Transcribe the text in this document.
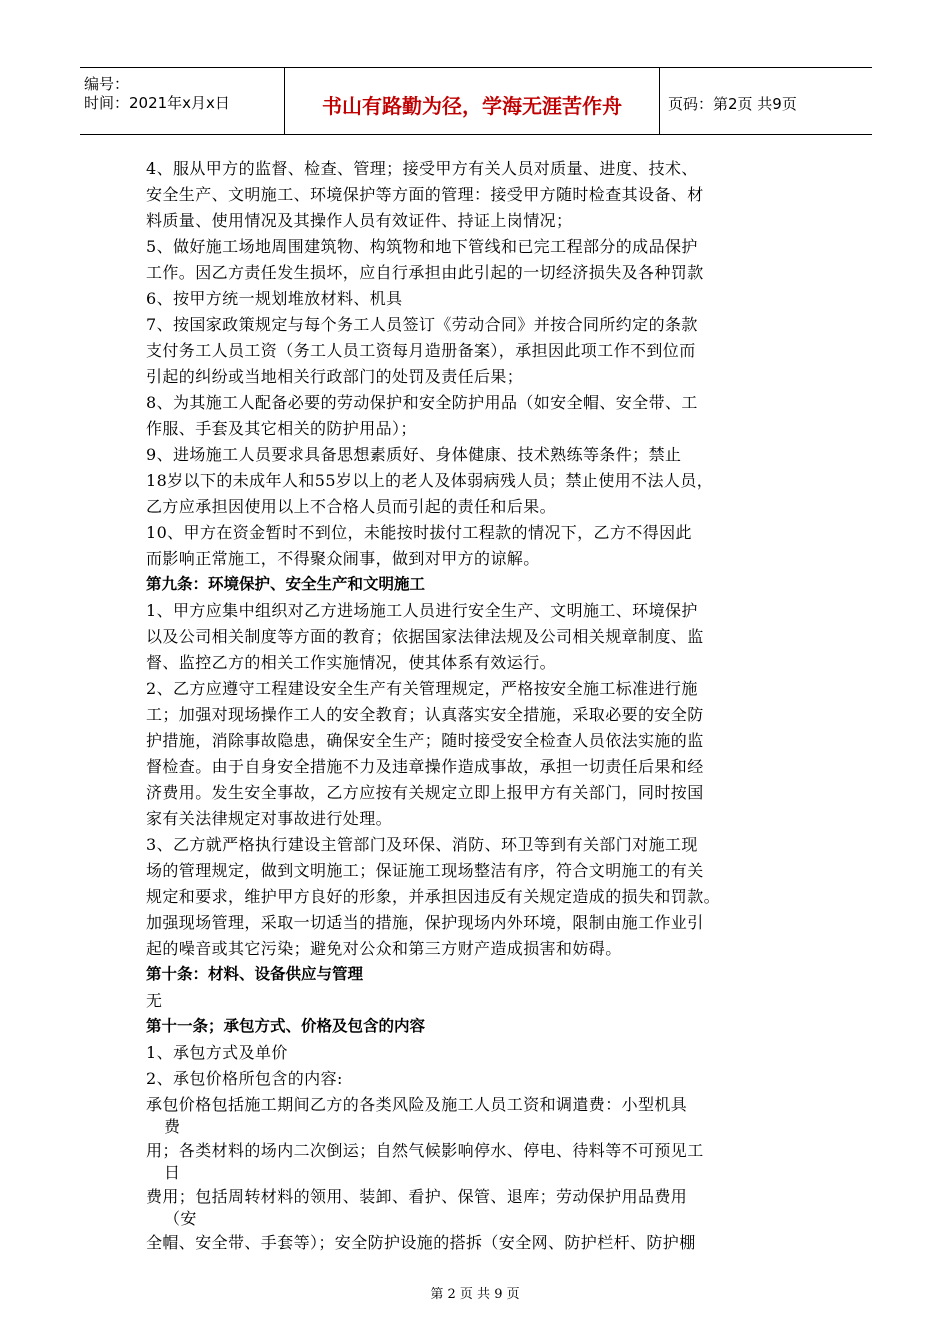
编号：
时间：2021年x月x日	书山有路勤为径，学海无涯苦作舟	页码：第2页 共9页
4、服从甲方的监督、检查、管理；接受甲方有关人员对质量、进度、技术、
安全生产、文明施工、环境保护等方面的管理：接受甲方随时检查其设备、材
料质量、使用情况及其操作人员有效证件、持证上岗情况；
5、做好施工场地周围建筑物、构筑物和地下管线和已完工程部分的成品保护
工作。因乙方责任发生损坏，应自行承担由此引起的一切经济损失及各种罚款
6、按甲方统一规划堆放材料、机具
7、按国家政策规定与每个务工人员签订《劳动合同》并按合同所约定的条款
支付务工人员工资（务工人员工资每月造册备案），承担因此项工作不到位而
引起的纠纷或当地相关行政部门的处罚及责任后果；
8、为其施工人配备必要的劳动保护和安全防护用品（如安全帽、安全带、工
作服、手套及其它相关的防护用品）；
9、进场施工人员要求具备思想素质好、身体健康、技术熟练等条件；禁止
18岁以下的未成年人和55岁以上的老人及体弱病残人员；禁止使用不法人员，
乙方应承担因使用以上不合格人员而引起的责任和后果。
10、甲方在资金暂时不到位，未能按时拔付工程款的情况下，乙方不得因此
而影响正常施工，不得聚众闹事，做到对甲方的谅解。
第九条：环境保护、安全生产和文明施工
1、甲方应集中组织对乙方进场施工人员进行安全生产、文明施工、环境保护
以及公司相关制度等方面的教育；依据国家法律法规及公司相关规章制度、监
督、监控乙方的相关工作实施情况，使其体系有效运行。
2、乙方应遵守工程建设安全生产有关管理规定，严格按安全施工标准进行施
工；加强对现场操作工人的安全教育；认真落实安全措施，采取必要的安全防
护措施，消除事故隐患，确保安全生产；随时接受安全检查人员依法实施的监
督检查。由于自身安全措施不力及违章操作造成事故，承担一切责任后果和经
济费用。发生安全事故，乙方应按有关规定立即上报甲方有关部门，同时按国
家有关法律规定对事故进行处理。
3、乙方就严格执行建设主管部门及环保、消防、环卫等到有关部门对施工现
场的管理规定，做到文明施工；保证施工现场整洁有序，符合文明施工的有关
规定和要求，维护甲方良好的形象，并承担因违反有关规定造成的损失和罚款。
加强现场管理，采取一切适当的措施，保护现场内外环境，限制由施工作业引
起的噪音或其它污染；避免对公众和第三方财产造成损害和妨碍。
第十条：材料、设备供应与管理
无
第十一条；承包方式、价格及包含的内容
1、承包方式及单价
2、承包价格所包含的内容:
承包价格包括施工期间乙方的各类风险及施工人员工资和调遣费：小型机具
费
用；各类材料的场内二次倒运；自然气候影响停水、停电、待料等不可预见工
日
费用；包括周转材料的领用、装卸、看护、保管、退库；劳动保护用品费用
（安
全帽、安全带、手套等）；安全防护设施的搭拆（安全网、防护栏杆、防护棚
第 2 页 共 9 页
